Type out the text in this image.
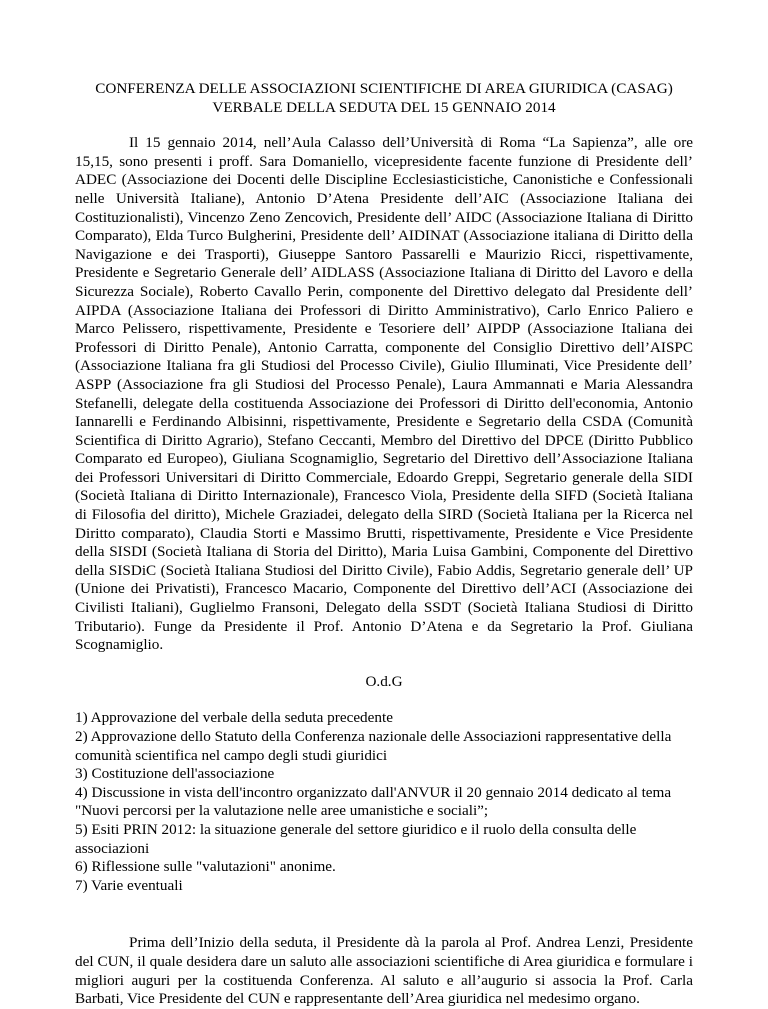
CONFERENZA DELLE ASSOCIAZIONI SCIENTIFICHE DI AREA GIURIDICA (CASAG)
VERBALE DELLA SEDUTA DEL 15 GENNAIO 2014

Il 15 gennaio 2014, nell’Aula Calasso dell’Università di Roma “La Sapienza”, alle ore 15,15, sono presenti i proff. Sara Domaniello, vicepresidente facente funzione di Presidente dell’ ADEC (Associazione dei Docenti delle Discipline Ecclesiasticistiche, Canonistiche e Confessionali nelle Università Italiane), Antonio D’Atena Presidente dell’AIC (Associazione Italiana dei Costituzionalisti), Vincenzo Zeno Zencovich, Presidente dell’ AIDC (Associazione Italiana di Diritto Comparato), Elda Turco Bulgherini, Presidente dell’ AIDINAT (Associazione italiana di Diritto della Navigazione e dei Trasporti), Giuseppe Santoro Passarelli e Maurizio Ricci, rispettivamente, Presidente e Segretario Generale dell’ AIDLASS (Associazione Italiana di Diritto del Lavoro e della Sicurezza Sociale), Roberto Cavallo Perin, componente del Direttivo delegato dal Presidente dell’ AIPDA (Associazione Italiana dei Professori di Diritto Amministrativo), Carlo Enrico Paliero e Marco Pelissero, rispettivamente, Presidente e Tesoriere dell’ AIPDP (Associazione Italiana dei Professori di Diritto Penale), Antonio Carratta, componente del Consiglio Direttivo dell’AISPC (Associazione Italiana fra gli Studiosi del Processo Civile), Giulio Illuminati, Vice Presidente dell’ ASPP (Associazione fra gli Studiosi del Processo Penale), Laura Ammannati e Maria Alessandra Stefanelli, delegate della costituenda Associazione dei Professori di Diritto dell'economia, Antonio Iannarelli e Ferdinando Albisinni, rispettivamente, Presidente e Segretario della CSDA (Comunità Scientifica di Diritto Agrario), Stefano Ceccanti, Membro del Direttivo del DPCE (Diritto Pubblico Comparato ed Europeo), Giuliana Scognamiglio, Segretario del Direttivo dell’Associazione Italiana dei Professori Universitari di Diritto Commerciale, Edoardo Greppi, Segretario generale della SIDI (Società Italiana di Diritto Internazionale), Francesco Viola, Presidente della SIFD (Società Italiana di Filosofia del diritto), Michele Graziadei, delegato della SIRD (Società Italiana per la Ricerca nel Diritto comparato), Claudia Storti e Massimo Brutti, rispettivamente, Presidente e Vice Presidente della SISDI (Società Italiana di Storia del Diritto), Maria Luisa Gambini, Componente del Direttivo della SISDiC (Società Italiana Studiosi del Diritto Civile), Fabio Addis, Segretario generale dell’ UP (Unione dei Privatisti), Francesco Macario, Componente del Direttivo dell’ACI (Associazione dei Civilisti Italiani), Guglielmo Fransoni, Delegato della SSDT (Società Italiana Studiosi di Diritto Tributario). Funge da Presidente il Prof. Antonio D’Atena e da Segretario la Prof. Giuliana Scognamiglio.

O.d.G
1) Approvazione del verbale della seduta precedente
2) Approvazione dello Statuto della Conferenza nazionale delle Associazioni rappresentative della comunità scientifica nel campo degli studi giuridici
3) Costituzione dell'associazione
4) Discussione in vista dell'incontro organizzato dall'ANVUR il 20 gennaio 2014 dedicato al tema "Nuovi percorsi per la valutazione nelle aree umanistiche e sociali”;
5) Esiti PRIN 2012: la situazione generale del settore giuridico e il ruolo della consulta delle associazioni
6) Riflessione sulle "valutazioni" anonime.
7) Varie eventuali

Prima dell’Inizio della seduta, il Presidente dà la parola al Prof. Andrea Lenzi, Presidente del CUN, il quale desidera dare un saluto alle associazioni scientifiche di Area giuridica e formulare i migliori auguri per la costituenda Conferenza. Al saluto e all’augurio si associa la Prof. Carla Barbati, Vice Presidente del CUN e rappresentante dell’Area giuridica nel medesimo organo.
